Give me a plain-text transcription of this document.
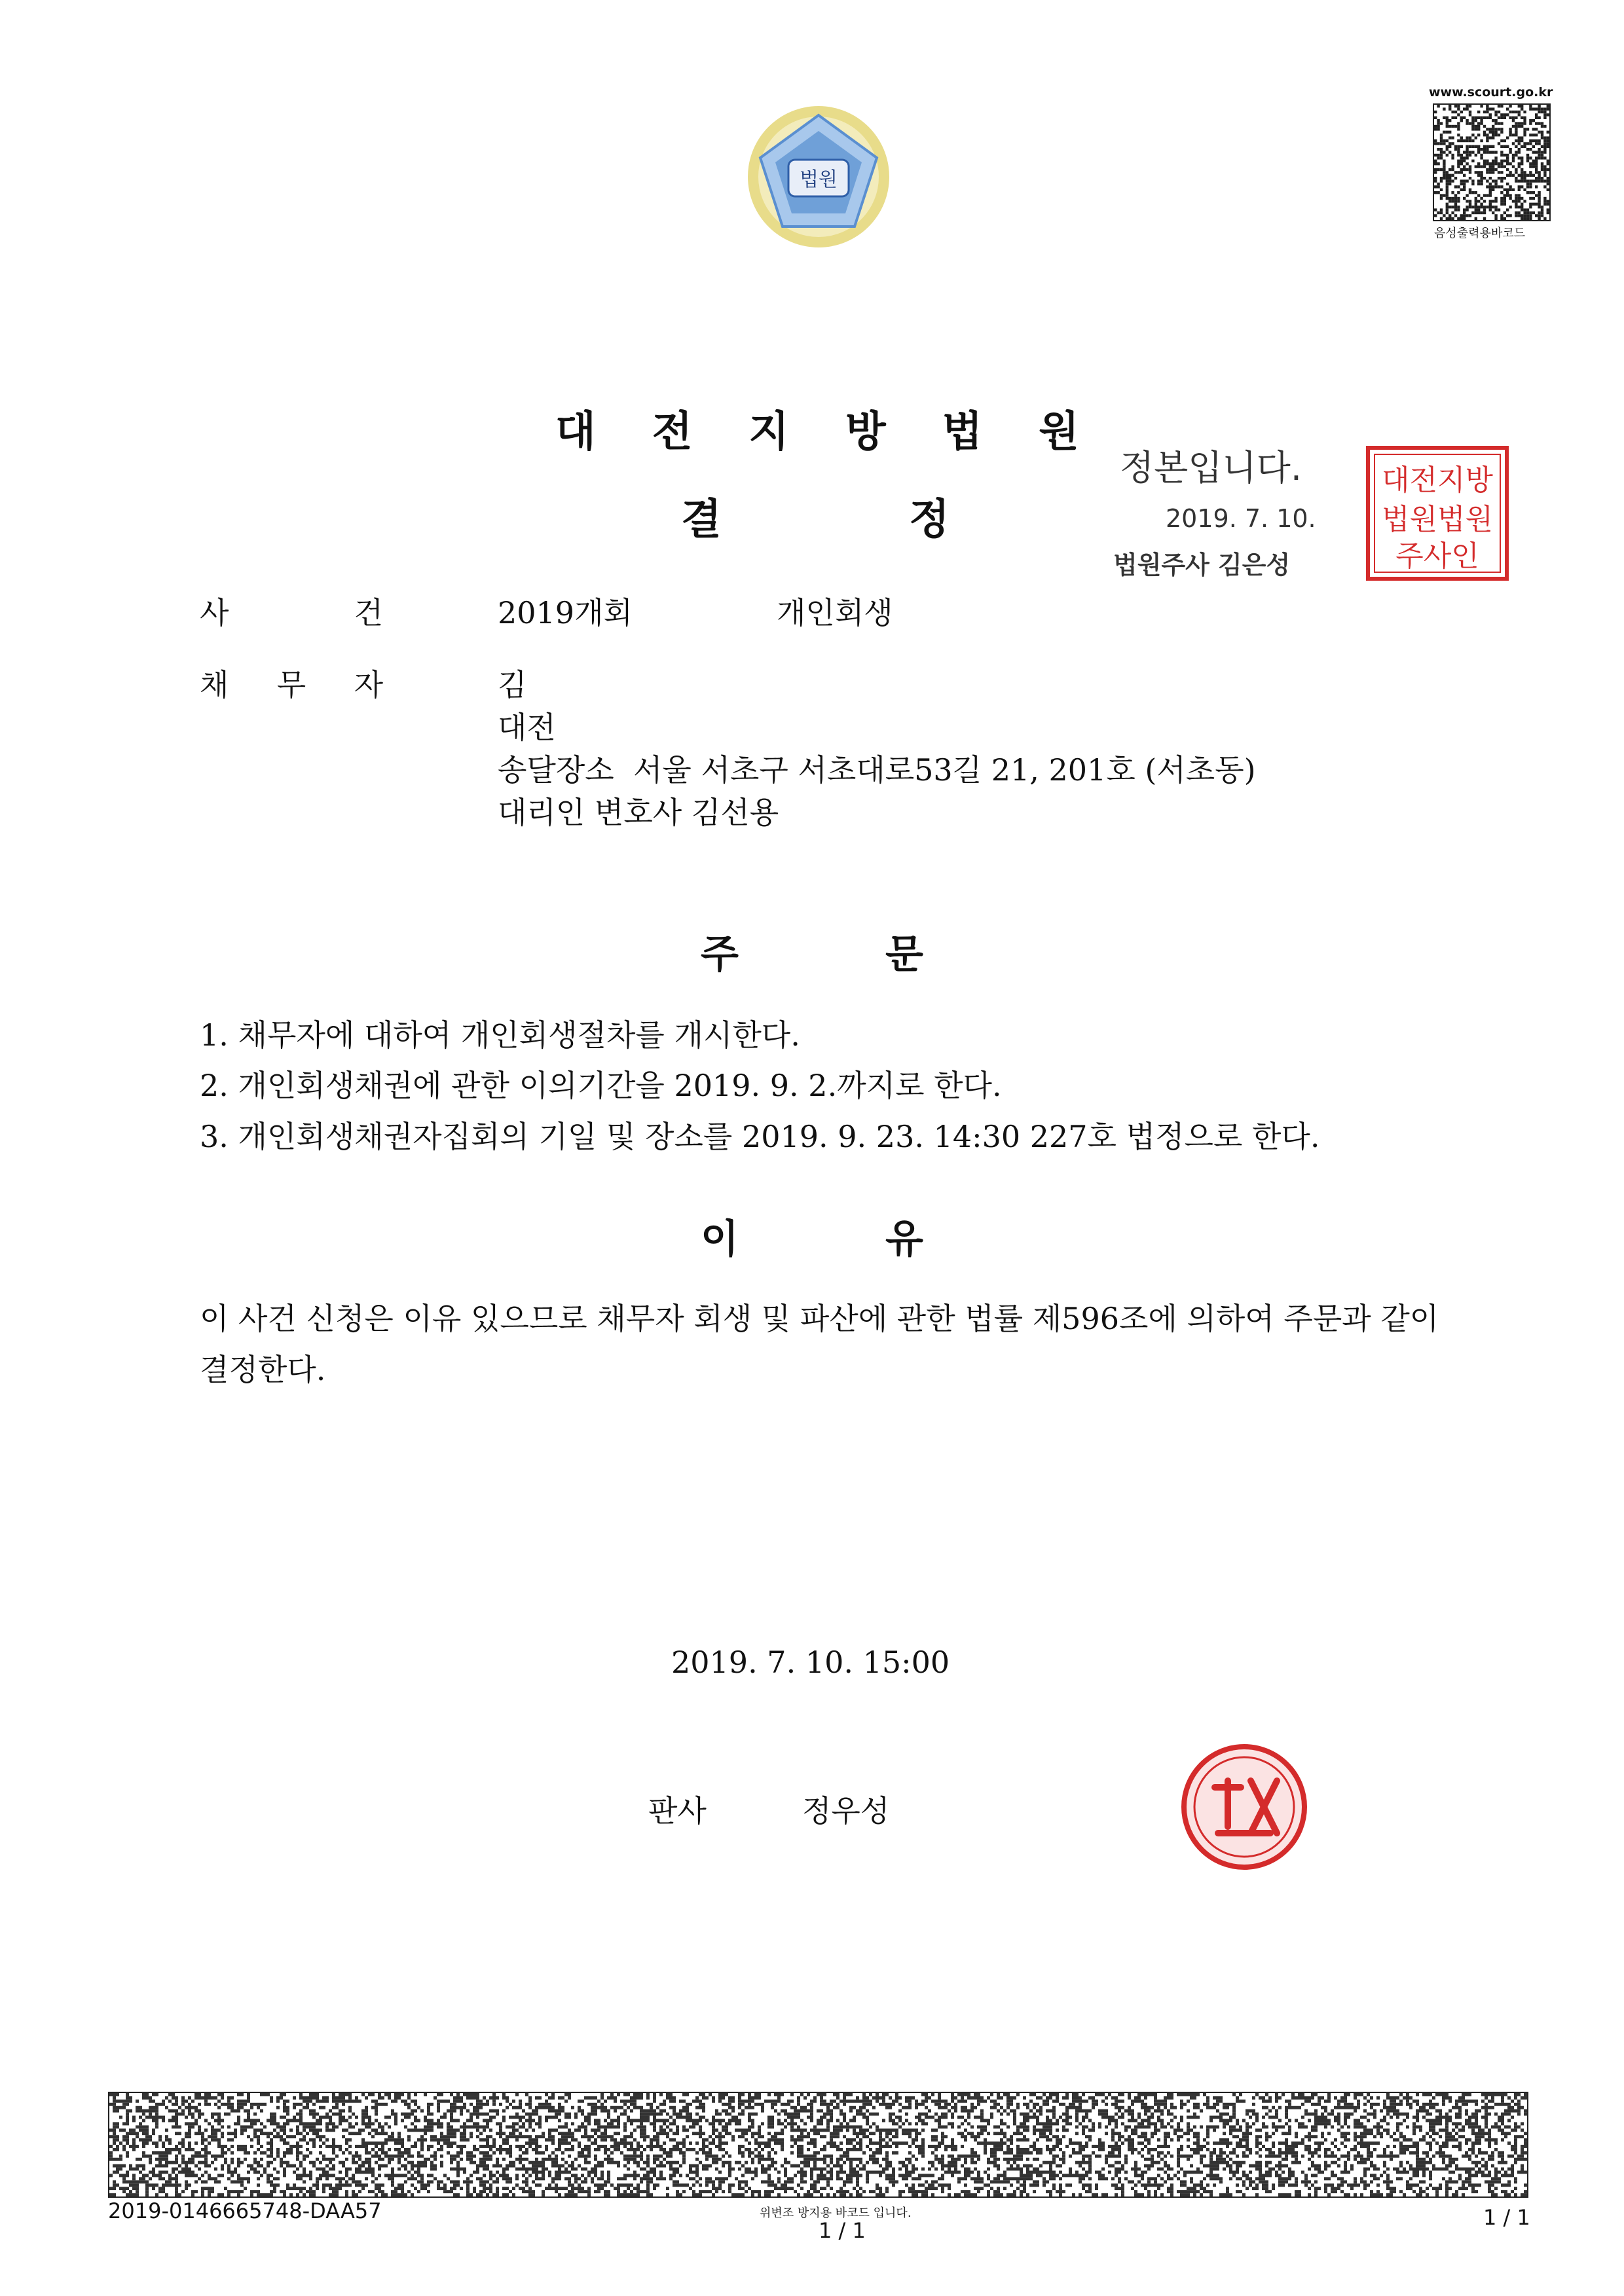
법원
www.scourt.go.kr
음성출력용바코드
대 전 지 방 법 원
결	정
정본입니다.
2019. 7. 10.
법원주사 김은성
대전지방
법원법원
주사인
사	건	2019개회	개인회생
채 무 자	김
대전
송달장소  서울 서초구 서초대로53길 21, 201호 (서초동)
대리인 변호사 김선용
주	문
1. 채무자에 대하여 개인회생절차를 개시한다.
2. 개인회생채권에 관한 이의기간을 2019. 9. 2.까지로 한다.
3. 개인회생채권자집회의 기일 및 장소를 2019. 9. 23. 14:30 227호 법정으로 한다.
이	유
이 사건 신청은 이유 있으므로 채무자 회생 및 파산에 관한 법률 제596조에 의하여 주문과 같이 결정한다.
2019. 7. 10. 15:00
판사	정우성
2019-0146665748-DAA57	위변조 방지용 바코드 입니다.
1 / 1
1 / 1
